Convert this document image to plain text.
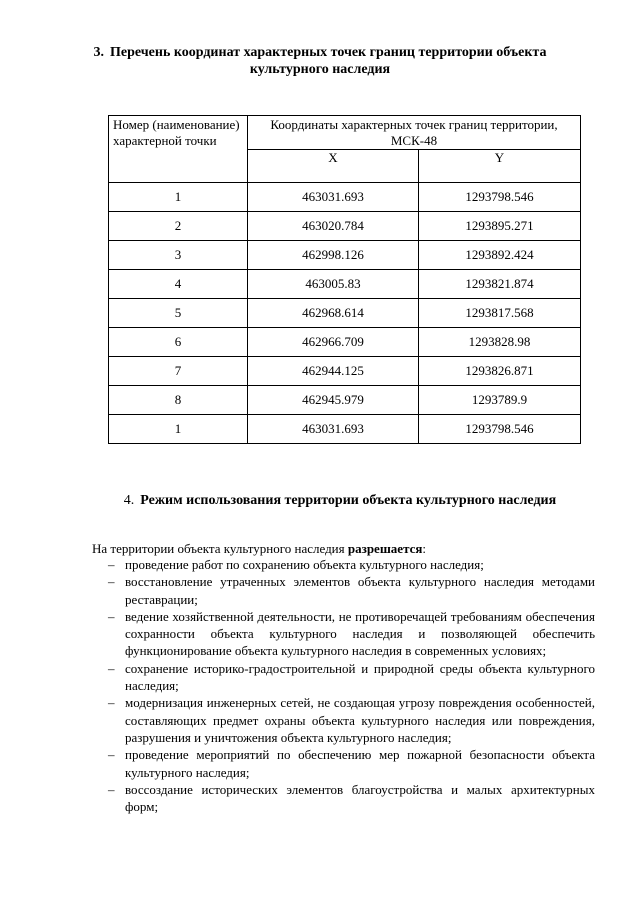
3. Перечень координат характерных точек границ территории объекта культурного наследия
Номер (наименование) характерной точки	Координаты характерных точек границ территории, МСК-48	
	X	Y
1	463031.693	1293798.546
2	463020.784	1293895.271
3	462998.126	1293892.424
4	463005.83	1293821.874
5	462968.614	1293817.568
6	462966.709	1293828.98
7	462944.125	1293826.871
8	462945.979	1293789.9
1	463031.693	1293798.546
4. Режим использования территории объекта культурного наследия
На территории объекта культурного наследия разрешается:
– проведение работ по сохранению объекта культурного наследия;
– восстановление утраченных элементов объекта культурного наследия методами реставрации;
– ведение хозяйственной деятельности, не противоречащей требованиям обеспечения сохранности объекта культурного наследия и позволяющей обеспечить функционирование объекта культурного наследия в современных условиях;
– сохранение историко-градостроительной и природной среды объекта культурного наследия;
– модернизация инженерных сетей, не создающая угрозу повреждения особенностей, составляющих предмет охраны объекта культурного наследия или повреждения, разрушения и уничтожения объекта культурного наследия;
– проведение мероприятий по обеспечению мер пожарной безопасности объекта культурного наследия;
– воссоздание исторических элементов благоустройства и малых архитектурных форм;
